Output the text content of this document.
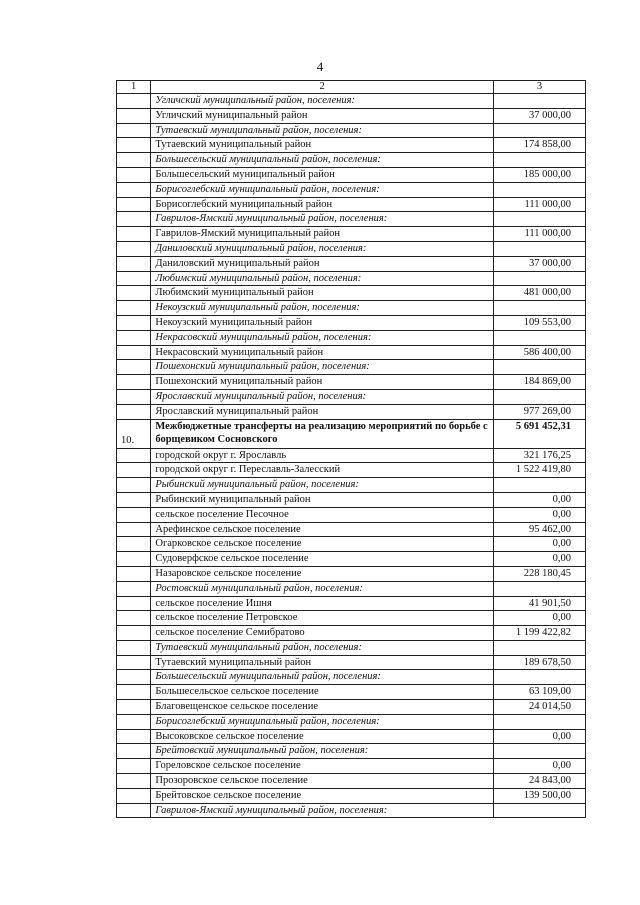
4
1	2	3
	Угличский муниципальный район, поселения:	
	Угличский муниципальный район	37 000,00
	Тутаевский муниципальный район, поселения:	
	Тутаевский муниципальный район	174 858,00
	Большесельский муниципальный район, поселения:	
	Большесельский муниципальный район	185 000,00
	Борисоглебский муниципальный район, поселения:	
	Борисоглебский муниципальный район	111 000,00
	Гаврилов-Ямский муниципальный район, поселения:	
	Гаврилов-Ямский муниципальный район	111 000,00
	Даниловский муниципальный район, поселения:	
	Даниловский муниципальный район	37 000,00
	Любимский муниципальный район, поселения:	
	Любимский муниципальный район	481 000,00
	Некоузский муниципальный район, поселения:	
	Некоузский муниципальный район	109 553,00
	Некрасовский муниципальный район, поселения:	
	Некрасовский муниципальный район	586 400,00
	Пошехонский муниципальный район, поселения:	
	Пошехонский муниципальный район	184 869,00
	Ярославский муниципальный район, поселения:	
	Ярославский муниципальный район	977 269,00
10.	Межбюджетные трансферты на реализацию мероприятий по борьбе с борщевиком Сосновского	5 691 452,31
	городской округ г. Ярославль	321 176,25
	городской округ г. Переславль-Залесский	1 522 419,80
	Рыбинский муниципальный район, поселения:	
	Рыбинский муниципальный район	0,00
	сельское поселение Песочное	0,00
	Арефинское сельское поселение	95 462,00
	Огарковское сельское поселение	0,00
	Судоверфское сельское поселение	0,00
	Назаровское сельское поселение	228 180,45
	Ростовский муниципальный район, поселения:	
	сельское поселение Ишня	41 901,50
	сельское поселение Петровское	0,00
	сельское поселение Семибратово	1 199 422,82
	Тутаевский муниципальный район, поселения:	
	Тутаевский муниципальный район	189 678,50
	Большесельский муниципальный район, поселения:	
	Большесельское сельское поселение	63 109,00
	Благовещенское сельское поселение	24 014,50
	Борисоглебский муниципальный район, поселения:	
	Высоковское сельское поселение	0,00
	Брейтовский муниципальный район, поселения:	
	Гореловское сельское поселение	0,00
	Прозоровское сельское поселение	24 843,00
	Брейтовское сельское поселение	139 500,00
	Гаврилов-Ямский муниципальный район, поселения:	
